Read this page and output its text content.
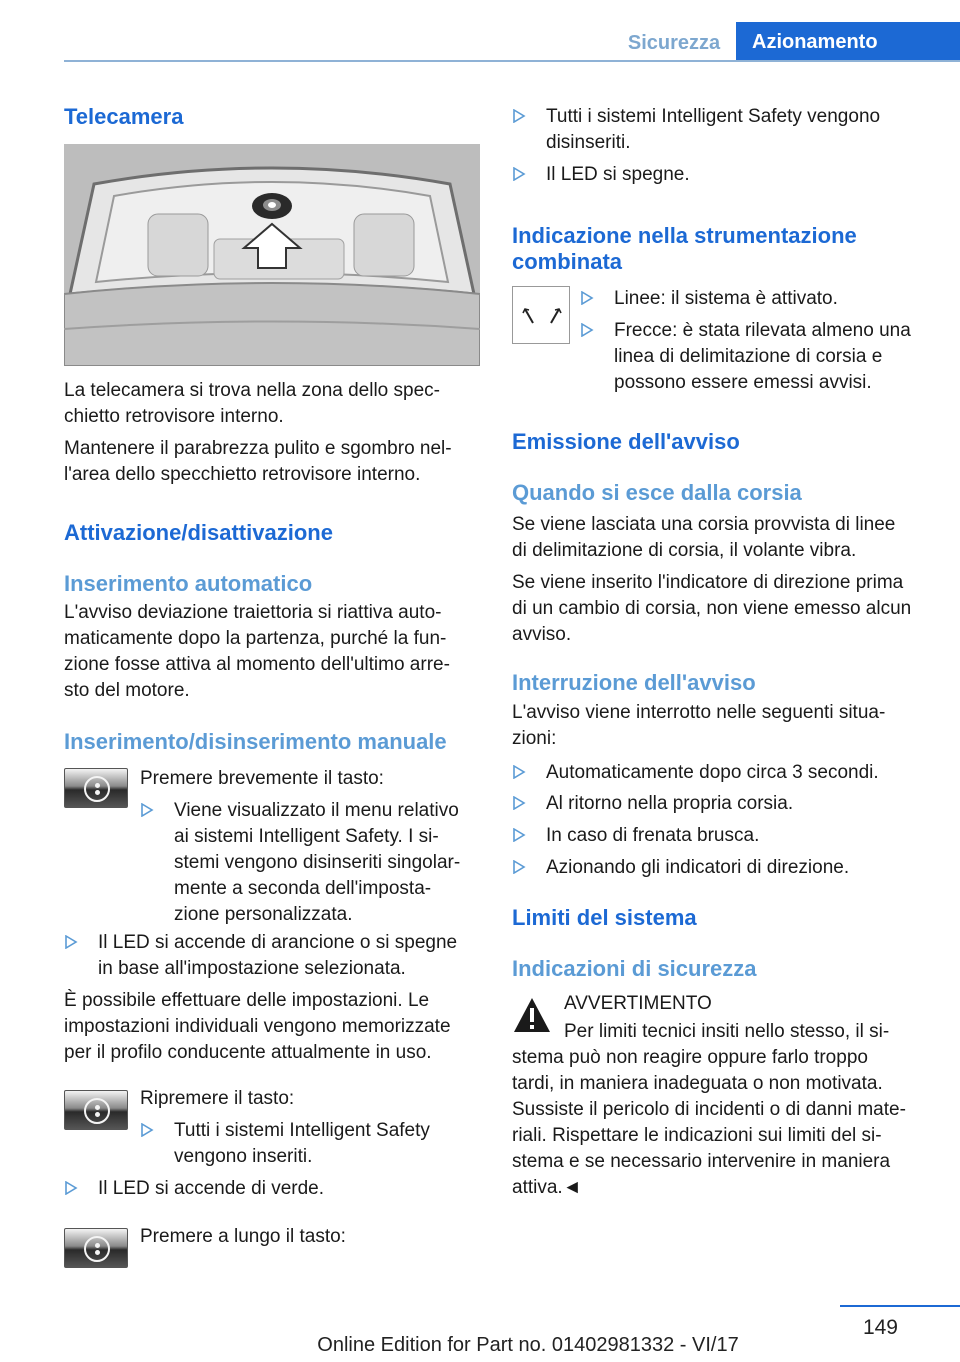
Sicurezza	Azionamento
Telecamera

La telecamera si trova nella zona dello spec-

chietto retrovisore interno.

Mantenere il parabrezza pulito e sgombro nel-

l'area dello specchietto retrovisore interno.

Attivazione/disattivazione
Inserimento automatico

L'avviso deviazione traiettoria si riattiva auto-

maticamente dopo la partenza, purché la fun-

zione fosse attiva al momento dell'ultimo arre-

sto del motore.

Inserimento/disinserimento manuale

Premere brevemente il tasto:

Viene visualizzato il menu relativo
ai sistemi Intelligent Safety. I si-
stemi vengono disinseriti singolar-
mente a seconda dell'imposta-
zione personalizzata.
Il LED si accende di arancione o si spegne
in base all'impostazione selezionata.

È possibile effettuare delle impostazioni. Le

impostazioni individuali vengono memorizzate

per il profilo conducente attualmente in uso.

Ripremere il tasto:

Tutti i sistemi Intelligent Safety
vengono inseriti.
Il LED si accende di verde.

Premere a lungo il tasto:

Tutti i sistemi Intelligent Safety vengono
disinseriti.
Il LED si spegne.
Indicazione nella strumentazione
combinata
Linee: il sistema è attivato.
Frecce: è stata rilevata almeno una
linea di delimitazione di corsia e
possono essere emessi avvisi.
Emissione dell'avviso
Quando si esce dalla corsia

Se viene lasciata una corsia provvista di linee

di delimitazione di corsia, il volante vibra.

Se viene inserito l'indicatore di direzione prima

di un cambio di corsia, non viene emesso alcun

avviso.

Interruzione dell'avviso

L'avviso viene interrotto nelle seguenti situa-

zioni:

Automaticamente dopo circa 3 secondi.
Al ritorno nella propria corsia.
In caso di frenata brusca.
Azionando gli indicatori di direzione.
Limiti del sistema
Indicazioni di sicurezza

AVVERTIMENTO

Per limiti tecnici insiti nello stesso, il si-

stema può non reagire oppure farlo troppo

tardi, in maniera inadeguata o non motivata.

Sussiste il pericolo di incidenti o di danni mate-

riali. Rispettare le indicazioni sui limiti del si-

stema e se necessario intervenire in maniera

attiva.◄

149
Online Edition for Part no. 01402981332 - VI/17
